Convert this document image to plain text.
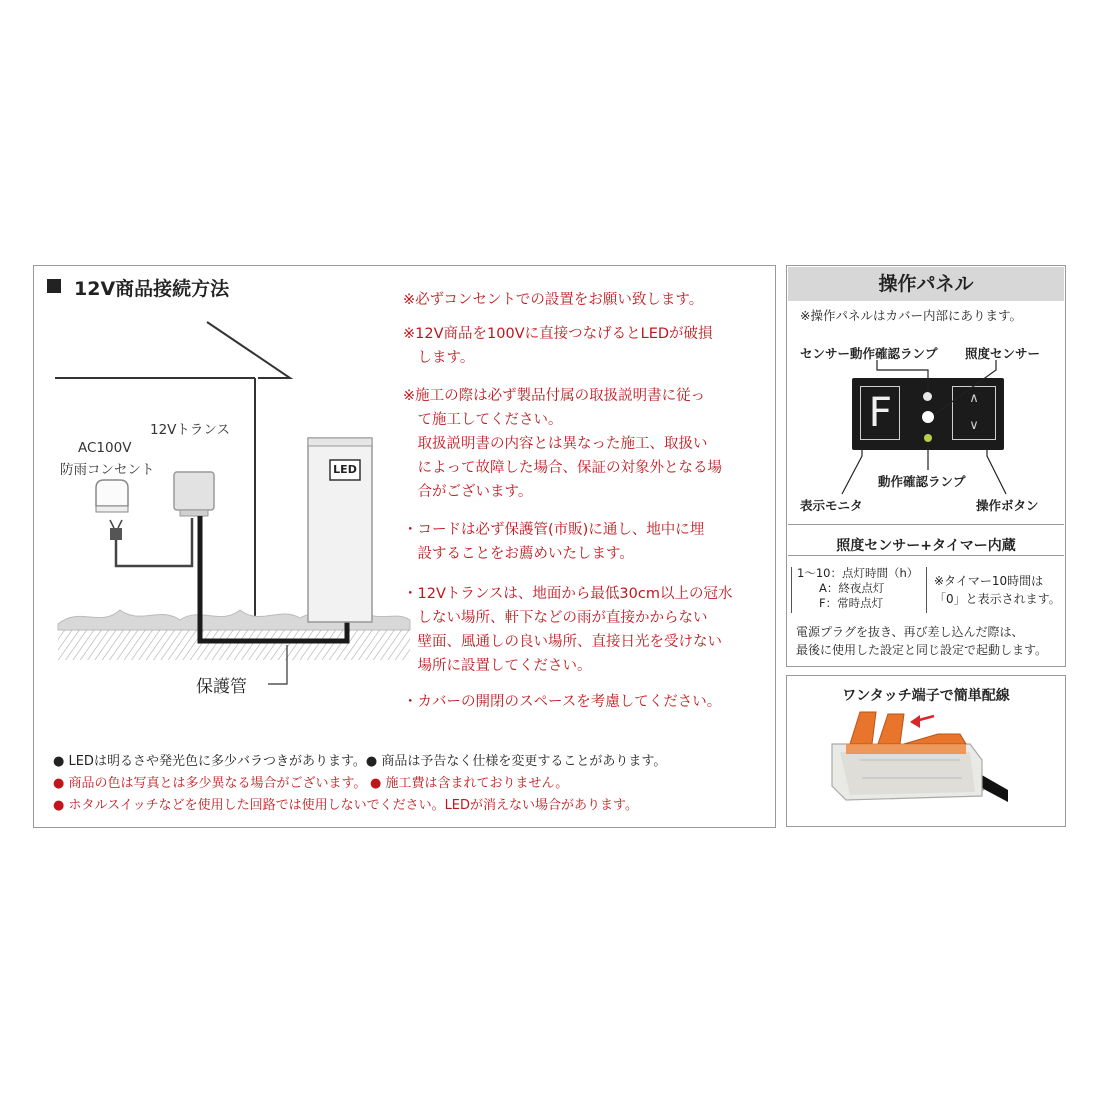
12V商品接続方法
12Vトランス
AC100V
防雨コンセント	LED
保護管
※必ずコンセントでの設置をお願い致します。
※12V商品を100Vに直接つなげるとLEDが破損
　します。
※施工の際は必ず製品付属の取扱説明書に従っ
　て施工してください。
　取扱説明書の内容とは異なった施工、取扱い
　によって故障した場合、保証の対象外となる場
　合がございます。
・コードは必ず保護管(市販)に通し、地中に埋
　設することをお薦めいたします。
・12Vトランスは、地面から最低30cm以上の冠水
　しない場所、軒下などの雨が直接かからない
　壁面、風通しの良い場所、直接日光を受けない
　場所に設置してください。
・カバーの開閉のスペースを考慮してください。
● LEDは明るさや発光色に多少バラつきがあります。● 商品は予告なく仕様を変更することがあります。
● 商品の色は写真とは多少異なる場合がございます。 ● 施工費は含まれておりません。
● ホタルスイッチなどを使用した回路では使用しないでください。LEDが消えない場合があります。
操作パネル
※操作パネルはカバー内部にあります。
センサー動作確認ランプ 照度センサー
F	∧
∨
動作確認ランプ
表示モニタ	操作ボタン
照度センサー+タイマー内蔵
1〜10：点灯時間（h）
A：終夜点灯
F：常時点灯
※タイマー10時間は
「0」と表示されます。
電源プラグを抜き、再び差し込んだ際は、
最後に使用した設定と同じ設定で起動します。
ワンタッチ端子で簡単配線
